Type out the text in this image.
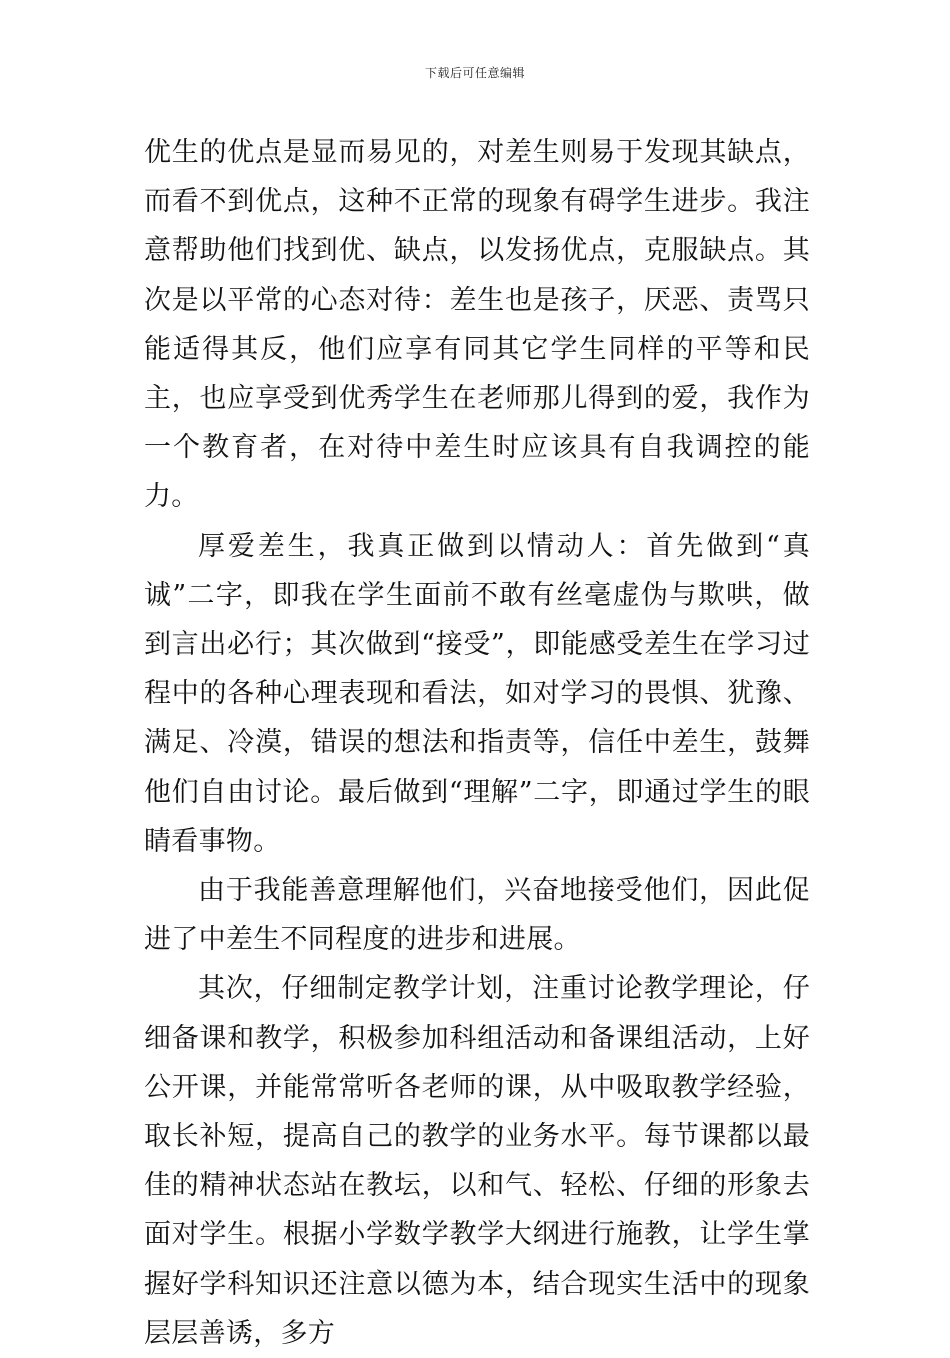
下载后可任意编辑

优生的优点是显而易见的，对差生则易于发现其缺点，而看不到优点，这种不正常的现象有碍学生进步。我注意帮助他们找到优、缺点，以发扬优点，克服缺点。其次是以平常的心态对待：差生也是孩子，厌恶、责骂只能适得其反，他们应享有同其它学生同样的平等和民主，也应享受到优秀学生在老师那儿得到的爱，我作为一个教育者，在对待中差生时应该具有自我调控的能力。

厚爱差生，我真正做到以情动人：首先做到“真诚”二字，即我在学生面前不敢有丝毫虚伪与欺哄，做到言出必行；其次做到“接受”，即能感受差生在学习过程中的各种心理表现和看法，如对学习的畏惧、犹豫、满足、冷漠，错误的想法和指责等，信任中差生，鼓舞他们自由讨论。最后做到“理解”二字，即通过学生的眼睛看事物。

由于我能善意理解他们，兴奋地接受他们，因此促进了中差生不同程度的进步和进展。

其次，仔细制定教学计划，注重讨论教学理论，仔细备课和教学，积极参加科组活动和备课组活动，上好公开课，并能常常听各老师的课，从中吸取教学经验，取长补短，提高自己的教学的业务水平。每节课都以最佳的精神状态站在教坛，以和气、轻松、仔细的形象去面对学生。根据小学数学教学大纲进行施教，让学生掌握好学科知识还注意以德为本，结合现实生活中的现象层层善诱，多方
